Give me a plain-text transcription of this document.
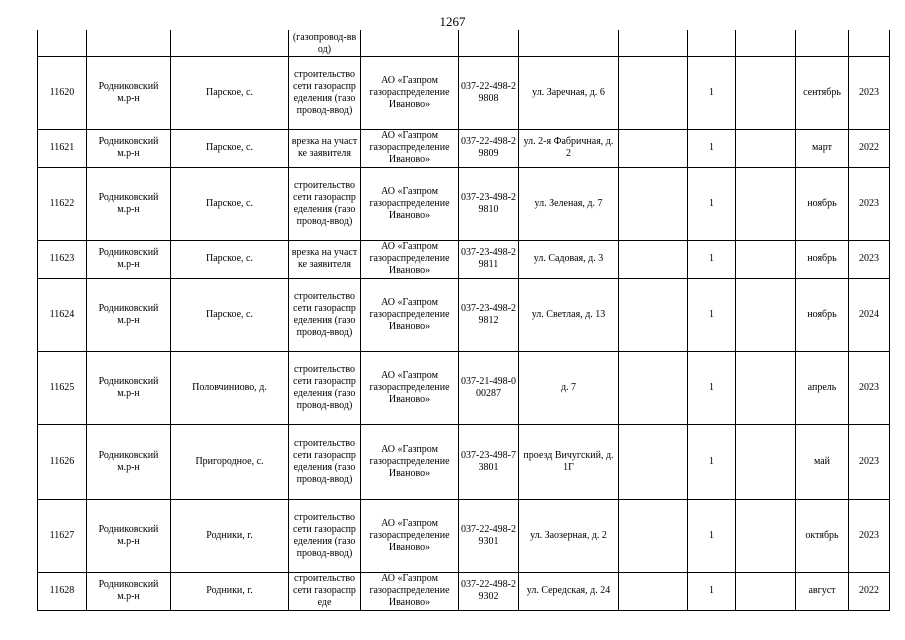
1267
			(газопровод-ввод)								
11620	Родниковский м.р-н	Парское, с.	строительство сети газораспределения (газопровод-ввод)	АО «Газпром газораспределение Иваново»	037-22-498-29808	ул. Заречная, д. 6		1		сентябрь	2023
11621	Родниковский м.р-н	Парское, с.	врезка на участке заявителя	АО «Газпром газораспределение Иваново»	037-22-498-29809	ул. 2-я Фабричная, д. 2		1		март	2022
11622	Родниковский м.р-н	Парское, с.	строительство сети газораспределения (газопровод-ввод)	АО «Газпром газораспределение Иваново»	037-23-498-29810	ул. Зеленая, д. 7		1		ноябрь	2023
11623	Родниковский м.р-н	Парское, с.	врезка на участке заявителя	АО «Газпром газораспределение Иваново»	037-23-498-29811	ул. Садовая, д. 3		1		ноябрь	2023
11624	Родниковский м.р-н	Парское, с.	строительство сети газораспределения (газопровод-ввод)	АО «Газпром газораспределение Иваново»	037-23-498-29812	ул. Светлая, д. 13		1		ноябрь	2024
11625	Родниковский м.р-н	Половчиниово, д.	строительство сети газораспределения (газопровод-ввод)	АО «Газпром газораспределение Иваново»	037-21-498-000287	д. 7		1		апрель	2023
11626	Родниковский м.р-н	Пригородное, с.	строительство сети газораспределения (газопровод-ввод)	АО «Газпром газораспределение Иваново»	037-23-498-73801	проезд Вичугский, д. 1Г		1		май	2023
11627	Родниковский м.р-н	Родники, г.	строительство сети газораспределения (газопровод-ввод)	АО «Газпром газораспределение Иваново»	037-22-498-29301	ул. Заозерная, д. 2		1		октябрь	2023
11628	Родниковский м.р-н	Родники, г.	строительство сети газораспреде	АО «Газпром газораспределение Иваново»	037-22-498-29302	ул. Середская, д. 24		1		август	2022
